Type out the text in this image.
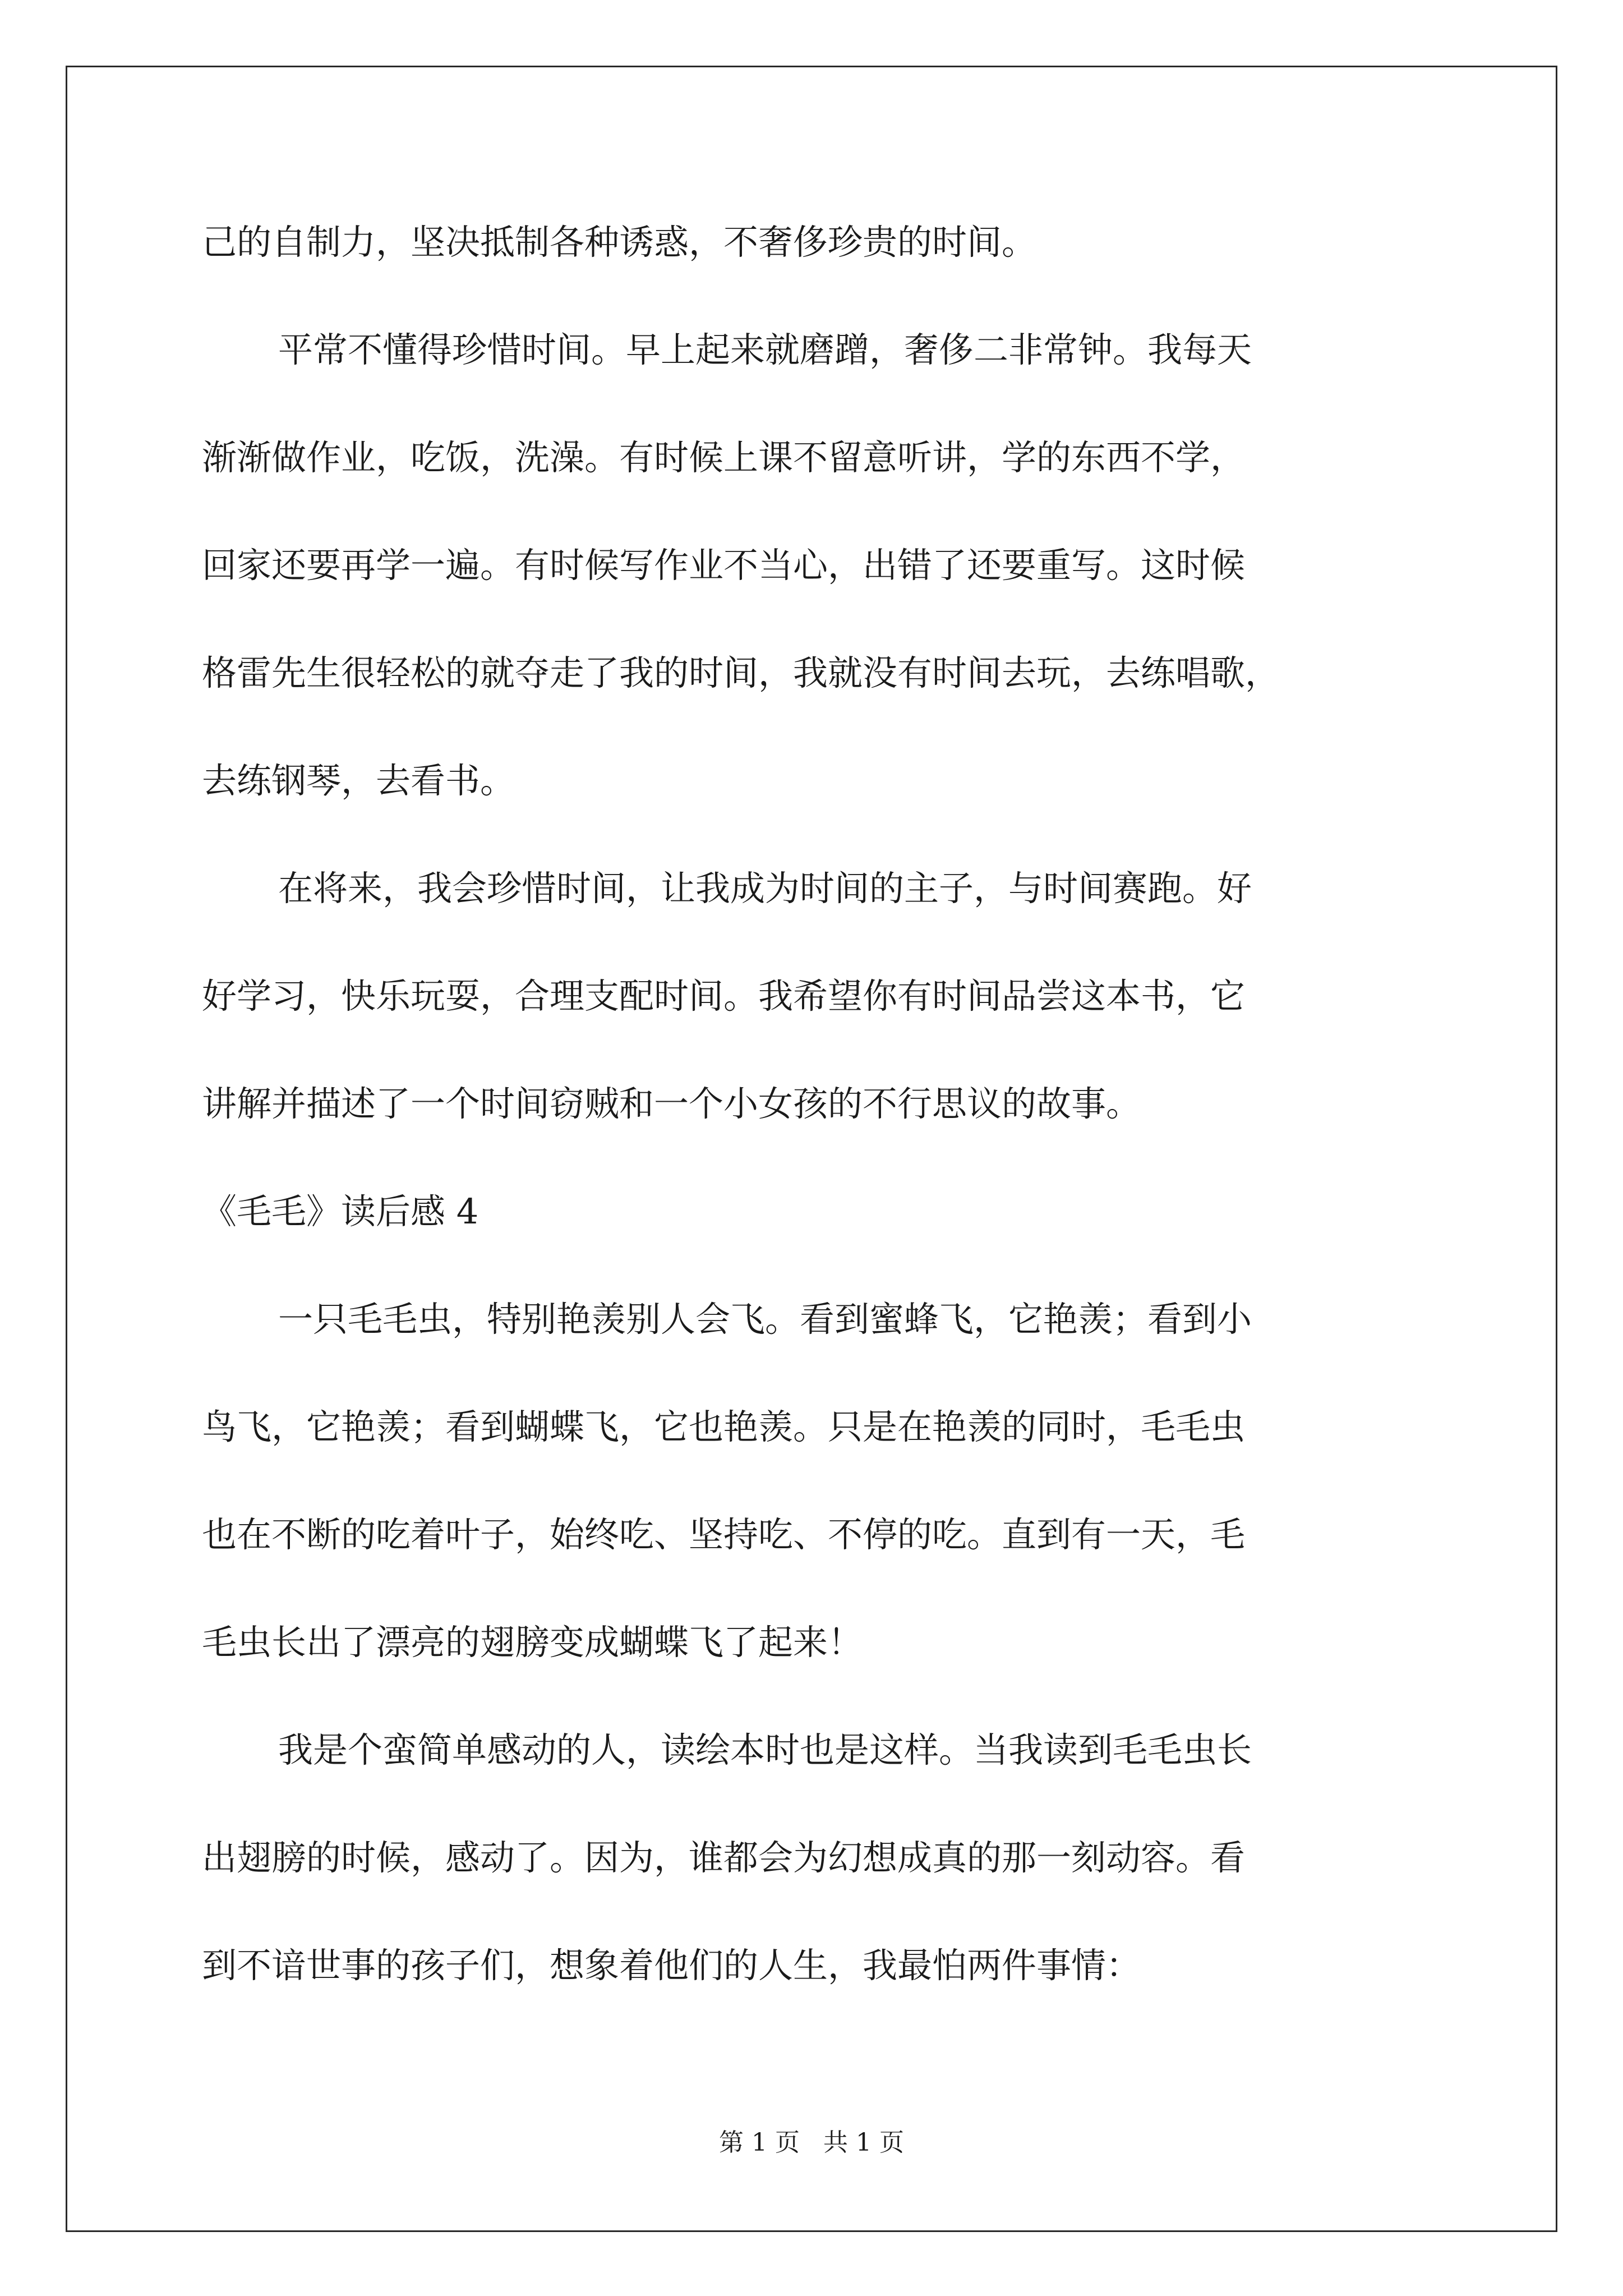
己的自制力，坚决抵制各种诱惑，不奢侈珍贵的时间。
平常不懂得珍惜时间。早上起来就磨蹭，奢侈二非常钟。我每天
渐渐做作业，吃饭，洗澡。有时候上课不留意听讲，学的东西不学，
回家还要再学一遍。有时候写作业不当心，出错了还要重写。这时候
格雷先生很轻松的就夺走了我的时间，我就没有时间去玩，去练唱歌，
去练钢琴，去看书。
在将来，我会珍惜时间，让我成为时间的主子，与时间赛跑。好
好学习，快乐玩耍，合理支配时间。我希望你有时间品尝这本书，它
讲解并描述了一个时间窃贼和一个小女孩的不行思议的故事。
《毛毛》读后感 4
一只毛毛虫，特别艳羡别人会飞。看到蜜蜂飞，它艳羡；看到小
鸟飞，它艳羡；看到蝴蝶飞，它也艳羡。只是在艳羡的同时，毛毛虫
也在不断的吃着叶子，始终吃、坚持吃、不停的吃。直到有一天，毛
毛虫长出了漂亮的翅膀变成蝴蝶飞了起来！
我是个蛮简单感动的人，读绘本时也是这样。当我读到毛毛虫长
出翅膀的时候，感动了。因为，谁都会为幻想成真的那一刻动容。看
到不谙世事的孩子们，想象着他们的人生，我最怕两件事情：
第 1 页   共 1 页
